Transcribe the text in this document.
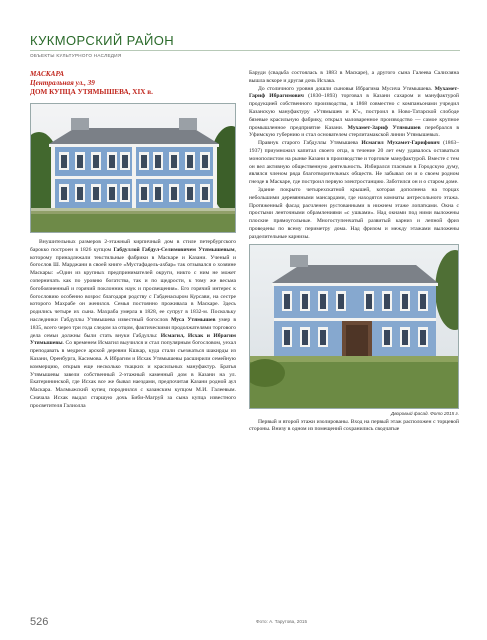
КУКМОРСКИЙ РАЙОН
ОБЪЕКТЫ КУЛЬТУРНОГО НАСЛЕДИЯ
МАСКАРА
Центральная ул., 39
ДОМ КУПЦА УТЯМЫШЕВА, XIX в.

Внушительных размеров 2-этажный кирпичный дом в стиле петербургского барокко построен в 1826 купцом Габдуллой Габдул-Селимовичем Утямышевым, которому принадлежали текстильные фабрики в Маскаре и Казани. Ученый и богослов Ш. Марджани в своей книге «Мустафадель-ахбар» так отзывался о хозяине Маскары: «Один из крупных предпринимателей округи, никто с ним не может соперничать как по уровню богатства, так и по щедрости, к тому же весьма богобоязненный и горячий поклонник наук и просвещения». Его горячий интерес к богословию особенно возрос благодаря родству с Габденасыром Курсави, на сестре которого Махрабе он женился. Семья постоянно проживала в Маскаре. Здесь родились четыре их сына. Махраба умерла в 1828, ее супруг в 1832-м. Поскольку наследники Габдуллы Утямышева известный богослов Муса Утямышев умер в 1835, всего через три года следом за отцом, фактическими продолжателями торгового дела семьи должны были стать внуки Габдуллы: Исмагил, Исхак и Ибрагим Утямышевы. Со временем Исмагил выучился и стал популярным богословом, уехал преподавать в медресе арской деревни Кшкар, куда стали съезжаться шакирды из Казани, Оренбурга, Касимова. А Ибрагим и Исхак Утямышевы расширили семейную коммерцию, открыв еще несколько ткацких и красильных мануфактур. Братья Утямышевы завели собственный 2-этажный каменный дом в Казани на ул. Екатерининской, где Исхак все же бывал наездами, предпочитая Казани родной аул Маскара. Малмыжский купец породнился с казанским купцом М.И. Галеевым. Сначала Исхак выдал старшую дочь Биби-Магруй за сына купца известного просветителя Галиолла

Баруди (свадьба состоялась в 1883 в Маскаре), а другого сына Галеева Салихзяна вышла вскоре и другая дочь Исхака.

До столичного уровня дошли сыновья Ибрагима Мусича Утямышева. Мухамет-Гариф Ибрагимович (1830–1893) торговал в Казани сахаром и мануфактурой продукцией собственного производства, в 1868 совместно с компаньонами учредил Казанскую мануфактуру «Утямышев и Кº», построил в Ново-Татарской слободе бязевые красильную фабрику, открыл маловаренное производство — самое крупное промышленное предприятие Казани. Мухамет-Зариф Утямышев перебрался в Уфимскую губернию и стал основателем стерлитамакской линии Утямышевых.

Правнук старого Габдуллы Утямышева Исмагил Мухамет-Гарифович (1863–1937) приумножил капитал своего отца, в течение 20 лет ему удавалось оставаться монополистом на рынке Казани в производстве и торговле мануфактурой. Вместе с тем он вел активную общественную деятельность. Избирался гласным в Городскую думу, являлся членом ряда благотворительных обществ. Не забывал он и о своем родном гнезде в Маскаре, где построил первую электростанцию. Заботился он и о старом доме.

Здание покрыто четырехскатной крышей, которая дополнена на торцах небольшими деревянными мансардами, где находятся комнаты антресольного этажа. Протяженный фасад расчленен рустованными в нижнем этаже лопатками. Окна с простыми ленточными обрамлениями «с ушками». Над окнами под ними выложены плоские прямоугольные. Многоступенчатый развитый карниз и лепной фриз проведены по всему периметру дома. Над фризом и между этажами выложены разделительные карнизы.

Дворовый фасад. Фото 2015 г.

Первый и второй этажи изолированы. Вход на первый этаж расположен с торцевой стороны. Внизу в одном из помещений сохранились сводчатые

526	Фото: А. Тарутова, 2015
